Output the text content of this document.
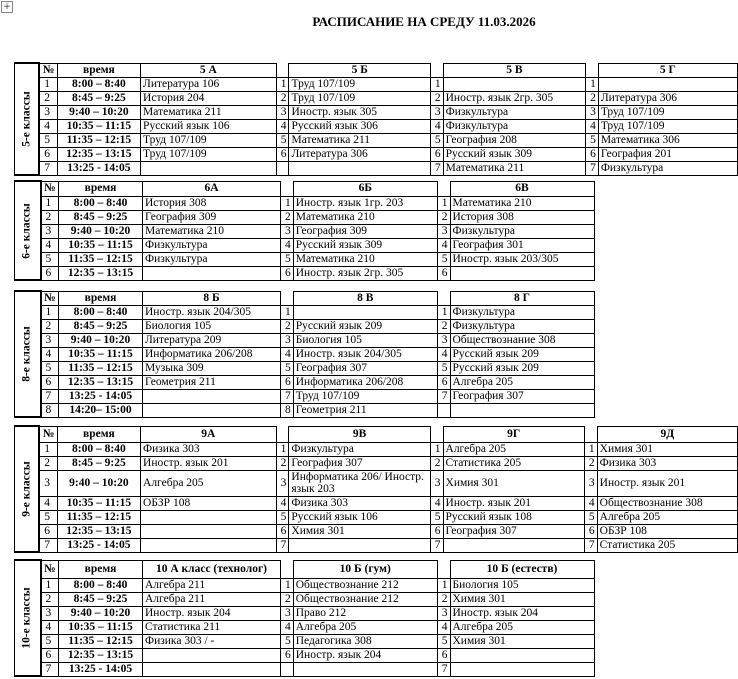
+
РАСПИСАНИЕ НА СРЕДУ 11.03.2026
5-е классы	№	время	5 А		5 Б		5 В		5 Г
	1	8:00 – 8:40	Литература 106	1	Труд 107/109	1		1	
	2	8:45 – 9:25	История 204	2	Труд 107/109	2	Иностр. язык 2гр. 305	2	Литература 306
	3	9:40 – 10:20	Математика 211	3	Иностр. язык 305	3	Физкультура	3	Труд 107/109
	4	10:35 – 11:15	Русский язык 106	4	Русский язык 306	4	Физкультура	4	Труд 107/109
	5	11:35 – 12:15	Труд 107/109	5	Математика 211	5	География 208	5	Математика 306
	6	12:35 – 13:15	Труд 107/109	6	Литература 306	6	Русский язык 309	6	География 201
	7	13:25 - 14:05				7	Математика 211	7	Физкультура
6-е классы	№	время	6А		6Б		6В
	1	8:00 – 8:40	История 308	1	Иностр. язык 1гр. 203	1	Математика 210
	2	8:45 – 9:25	География 309	2	Математика 210	2	История 308
	3	9:40 – 10:20	Математика 210	3	География 309	3	Физкультура
	4	10:35 – 11:15	Физкультура	4	Русский язык 309	4	География 301
	5	11:35 – 12:15	Физкультура	5	Математика 210	5	Иностр. язык 203/305
	6	12:35 – 13:15		6	Иностр. язык 2гр. 305	6	
8-е классы	№	время	8 Б		8 В		8 Г
	1	8:00 – 8:40	Иностр. язык 204/305	1		1	Физкультура
	2	8:45 – 9:25	Биология 105	2	Русский язык 209	2	Физкультура
	3	9:40 – 10:20	Литература 209	3	Биология 105	3	Обществознание 308
	4	10:35 – 11:15	Информатика 206/208	4	Иностр. язык 204/305	4	Русский язык 209
	5	11:35 – 12:15	Музыка 309	5	География 307	5	Русский язык 209
	6	12:35 – 13:15	Геометрия 211	6	Информатика 206/208	6	Алгебра 205
	7	13:25 - 14:05		7	Труд 107/109	7	География 307
	8	14:20– 15:00		8	Геометрия 211		
9-е классы	№	время	9А		9В		9Г		9Д
	1	8:00 – 8:40	Физика 303	1	Физкультура	1	Алгебра 205	1	Химия 301
	2	8:45 – 9:25	Иностр. язык 201	2	География 307	2	Статистика 205	2	Физика 303
	3	9:40 – 10:20	Алгебра 205	3	Информатика 206/ Иностр. язык 203	3	Химия 301	3	Иностр. язык 201
	4	10:35 – 11:15	ОБЗР 108	4	Физика 303	4	Иностр. язык 201	4	Обществознание 308
	5	11:35 – 12:15		5	Русский язык 106	5	Русский язык 108	5	Алгебра 205
	6	12:35 – 13:15		6	Химия 301	6	География 307	6	ОБЗР 108
	7	13:25 - 14:05		7		7		7	Статистика 205
10-е классы	№	время	10 А класс (технолог)		10 Б (гум)		10 Б (естеств)
	1	8:00 – 8:40	Алгебра 211	1	Обществознание 212	1	Биология 105
	2	8:45 – 9:25	Алгебра 211	2	Обществознание 212	2	Химия 301
	3	9:40 – 10:20	Иностр. язык 204	3	Право 212	3	Иностр. язык 204
	4	10:35 – 11:15	Статистика 211	4	Алгебра 205	4	Алгебра 205
	5	11:35 – 12:15	Физика 303 / -	5	Педагогика 308	5	Химия 301
	6	12:35 – 13:15		6	Иностр. язык 204	6	
	7	13:25 - 14:05				7	
